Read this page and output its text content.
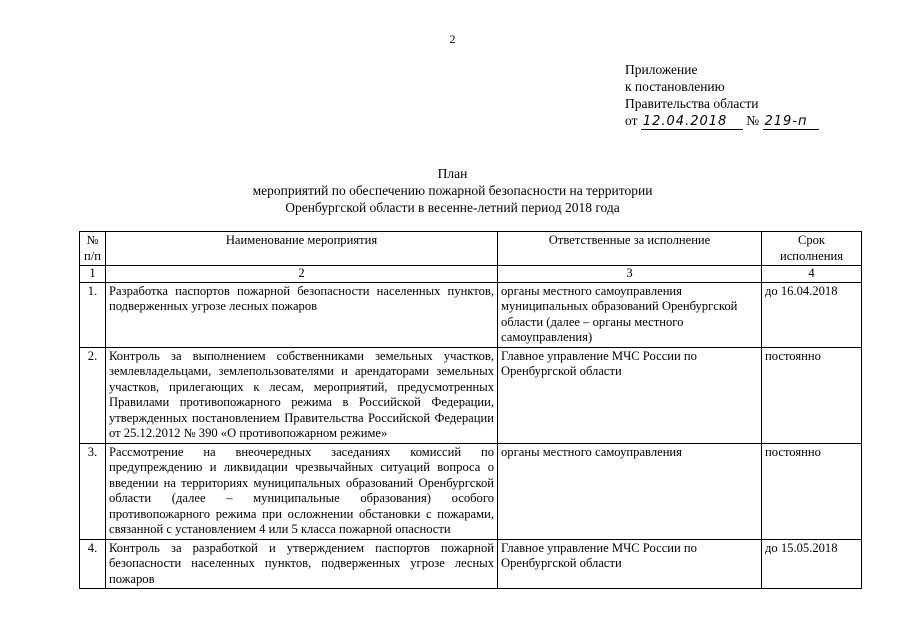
2
Приложение
к постановлению
Правительства области
от 12.04.2018 № 219-п
План
мероприятий по обеспечению пожарной безопасности на территории
Оренбургской области в весенне-летний период 2018 года
№ п/п	Наименование мероприятия	Ответственные за исполнение	Срок исполнения
1	2	3	4
1.	Разработка паспортов пожарной безопасности населенных пунктов, подверженных угрозе лесных пожаров	органы местного самоуправления муниципальных образований Оренбургской области (далее – органы местного самоуправления)	до 16.04.2018
2.	Контроль за выполнением собственниками земельных участков, землевладельцами, землепользователями и арендаторами земельных участков, прилегающих к лесам, мероприятий, предусмотренных Правилами противопожарного режима в Российской Федерации, утвержденных постановлением Правительства Российской Федерации от 25.12.2012 № 390 «О противопожарном режиме»	Главное управление МЧС России по Оренбургской области	постоянно
3.	Рассмотрение на внеочередных заседаниях комиссий по предупреждению и ликвидации чрезвычайных ситуаций вопроса о введении на территориях муниципальных образований Оренбургской области (далее – муниципальные образования) особого противопожарного режима при осложнении обстановки с пожарами, связанной с установлением 4 или 5 класса пожарной опасности	органы местного самоуправления	постоянно
4.	Контроль за разработкой и утверждением паспортов пожарной безопасности населенных пунктов, подверженных угрозе лесных пожаров	Главное управление МЧС России по Оренбургской области	до 15.05.2018
